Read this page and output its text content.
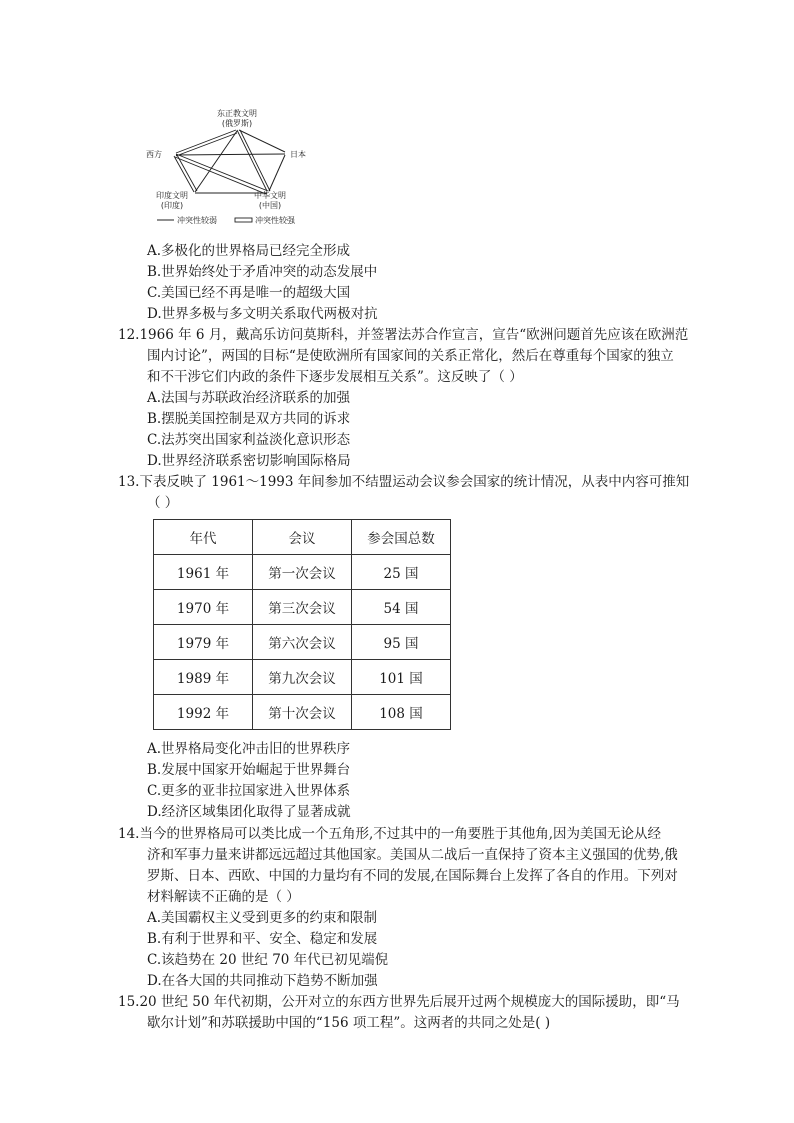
东正教文明
(俄罗斯)
西方	日本
印度文明
(印度)
中华文明
(中国)
冲突性较弱	冲突性较强
A.多极化的世界格局已经完全形成
B.世界始终处于矛盾冲突的动态发展中
C.美国已经不再是唯一的超级大国
D.世界多极与多文明关系取代两极对抗
12.1966 年 6 月，戴高乐访问莫斯科，并签署法苏合作宣言，宣告“欧洲问题首先应该在欧洲范
围内讨论”，两国的目标“是使欧洲所有国家间的关系正常化，然后在尊重每个国家的独立
和不干涉它们内政的条件下逐步发展相互关系”。这反映了（ ）
A.法国与苏联政治经济联系的加强
B.摆脱美国控制是双方共同的诉求
C.法苏突出国家利益淡化意识形态
D.世界经济联系密切影响国际格局
13.下表反映了 1961～1993 年间参加不结盟运动会议参会国家的统计情况，从表中内容可推知
（ ）
年代	会议	参会国总数
1961 年	第一次会议	25 国
1970 年	第三次会议	54 国
1979 年	第六次会议	95 国
1989 年	第九次会议	101 国
1992 年	第十次会议	108 国
A.世界格局变化冲击旧的世界秩序
B.发展中国家开始崛起于世界舞台
C.更多的亚非拉国家进入世界体系
D.经济区域集团化取得了显著成就
14.当今的世界格局可以类比成一个五角形,不过其中的一角要胜于其他角,因为美国无论从经
济和军事力量来讲都远远超过其他国家。美国从二战后一直保持了资本主义强国的优势,俄
罗斯、日本、西欧、中国的力量均有不同的发展,在国际舞台上发挥了各自的作用。下列对
材料解读不正确的是（ ）
A.美国霸权主义受到更多的约束和限制
B.有利于世界和平、安全、稳定和发展
C.该趋势在 20 世纪 70 年代已初见端倪
D.在各大国的共同推动下趋势不断加强
15.20 世纪 50 年代初期，公开对立的东西方世界先后展开过两个规模庞大的国际援助，即“马
歇尔计划”和苏联援助中国的“156 项工程”。这两者的共同之处是( )
